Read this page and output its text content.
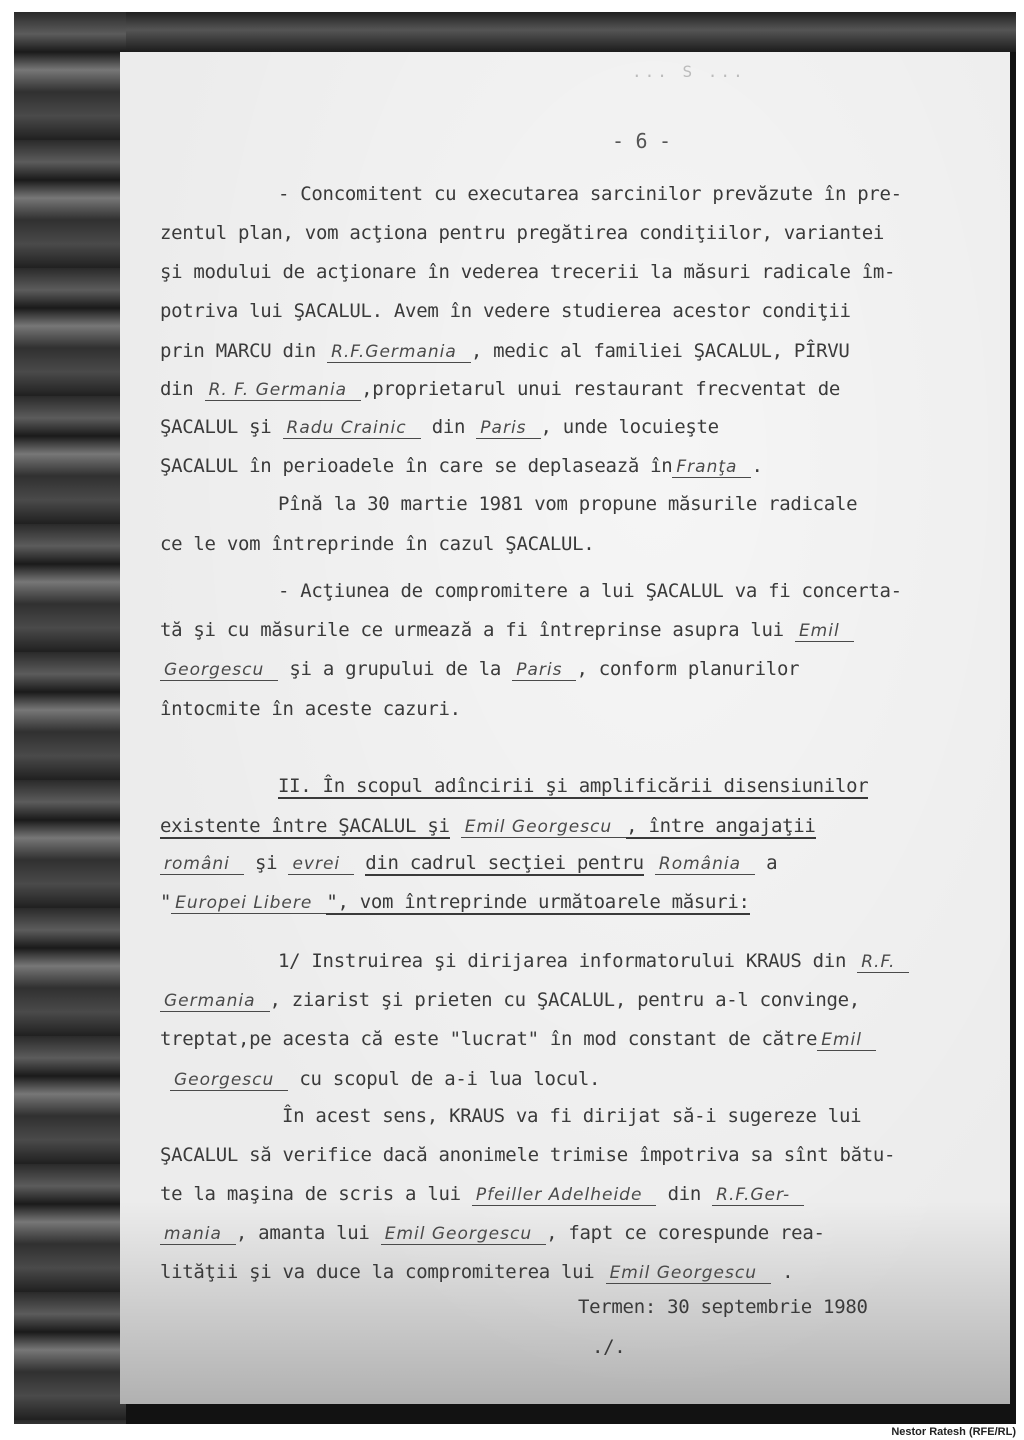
... S ...
- 6 -
- Concomitent cu executarea sarcinilor prevăzute în pre-
zentul plan, vom acţiona pentru pregătirea condiţiilor, variantei
şi modului de acţionare în vederea trecerii la măsuri radicale îm-
potriva lui ŞACALUL. Avem în vedere studierea acestor condiţii
prin MARCU din R.F.Germania , medic al familiei ŞACALUL, PÎRVU
din R. F. Germania ,proprietarul unui restaurant frecventat de
ŞACALUL şi Radu Crainic din Paris , unde locuieşte
ŞACALUL în perioadele în care se deplasează în Franţa .
Pînă la 30 martie 1981 vom propune măsurile radicale
ce le vom întreprinde în cazul ŞACALUL.
- Acţiunea de compromitere a lui ŞACALUL va fi concerta-
tă şi cu măsurile ce urmează a fi întreprinse asupra lui Emil
Georgescu şi a grupului de la Paris , conform planurilor
întocmite în aceste cazuri.
II. În scopul adîncirii şi amplificării disensiunilor
existente între ŞACALUL şi Emil Georgescu , între angajaţii
români şi evrei din cadrul secţiei pentru România a
" Europei Libere ", vom întreprinde următoarele măsuri:
1/ Instruirea şi dirijarea informatorului KRAUS din R.F.
Germania , ziarist şi prieten cu ŞACALUL, pentru a-l convinge,
treptat,pe acesta că este "lucrat" în mod constant de către Emil
Georgescu cu scopul de a-i lua locul.
În acest sens, KRAUS va fi dirijat să-i sugereze lui
ŞACALUL să verifice dacă anonimele trimise împotriva sa sînt bătu-
te la maşina de scris a lui Pfeiller Adelheide din R.F.Ger-
mania , amanta lui Emil Georgescu , fapt ce corespunde rea-
lităţii şi va duce la compromiterea lui Emil Georgescu .
Termen: 30 septembrie 1980
./.
Nestor Ratesh (RFE/RL)
